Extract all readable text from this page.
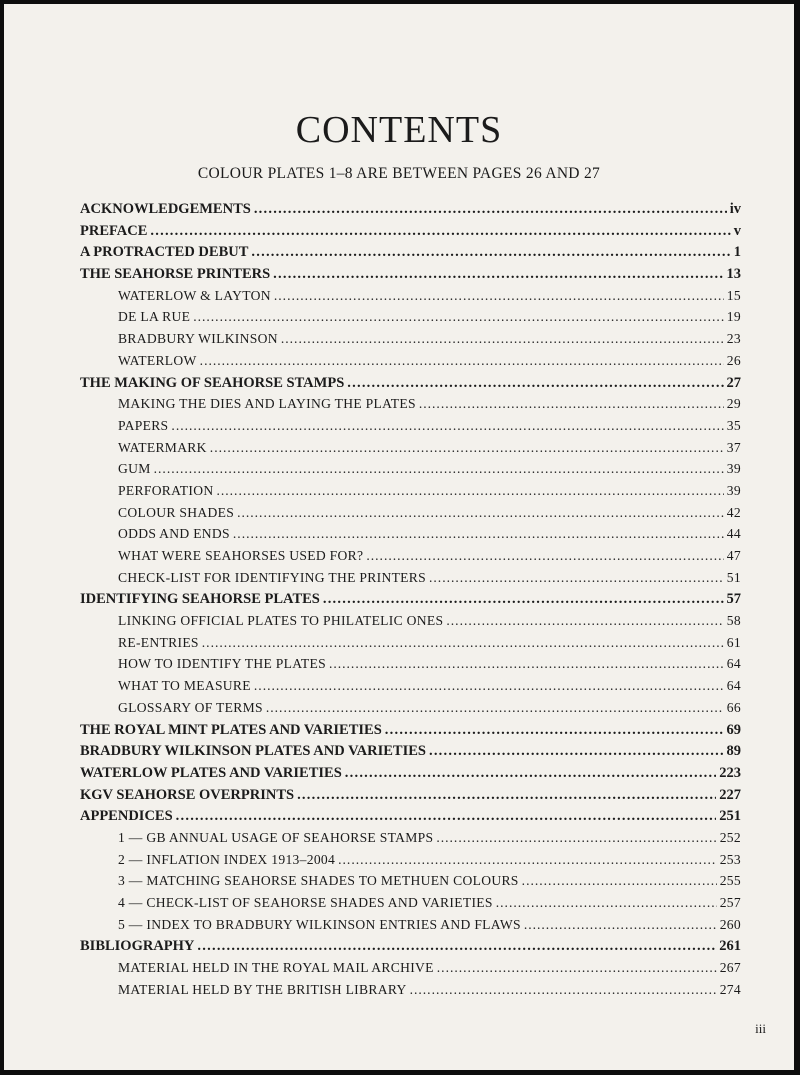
CONTENTS
COLOUR PLATES 1–8 ARE BETWEEN PAGES 26 AND 27
ACKNOWLEDGEMENTS . . .	iv
PREFACE . . .	v
A PROTRACTED DEBUT . . .	1
THE SEAHORSE PRINTERS . . .	13
WATERLOW & LAYTON . . .	15
DE LA RUE . . .	19
BRADBURY WILKINSON . . .	23
WATERLOW . . .	26
THE MAKING OF SEAHORSE STAMPS . . .	27
MAKING THE DIES AND LAYING THE PLATES . . .	29
PAPERS . . .	35
WATERMARK . . .	37
GUM . . .	39
PERFORATION . . .	39
COLOUR SHADES . . .	42
ODDS AND ENDS . . .	44
WHAT WERE SEAHORSES USED FOR? . . .	47
CHECK-LIST FOR IDENTIFYING THE PRINTERS . . .	51
IDENTIFYING SEAHORSE PLATES . . .	57
LINKING OFFICIAL PLATES TO PHILATELIC ONES . . .	58
RE-ENTRIES . . .	61
HOW TO IDENTIFY THE PLATES . . .	64
WHAT TO MEASURE . . .	64
GLOSSARY OF TERMS . . .	66
THE ROYAL MINT PLATES AND VARIETIES . . .	69
BRADBURY WILKINSON PLATES AND VARIETIES . . .	89
WATERLOW PLATES AND VARIETIES . . .	223
KGV SEAHORSE OVERPRINTS . . .	227
APPENDICES . . .	251
1 — GB ANNUAL USAGE OF SEAHORSE STAMPS . . .	252
2 — INFLATION INDEX 1913–2004 . . .	253
3 — MATCHING SEAHORSE SHADES TO METHUEN COLOURS . . .	255
4 — CHECK-LIST OF SEAHORSE SHADES AND VARIETIES . . .	257
5 — INDEX TO BRADBURY WILKINSON ENTRIES AND FLAWS . . .	260
BIBLIOGRAPHY . . .	261
MATERIAL HELD IN THE ROYAL MAIL ARCHIVE . . .	267
MATERIAL HELD BY THE BRITISH LIBRARY . . .	274
iii
